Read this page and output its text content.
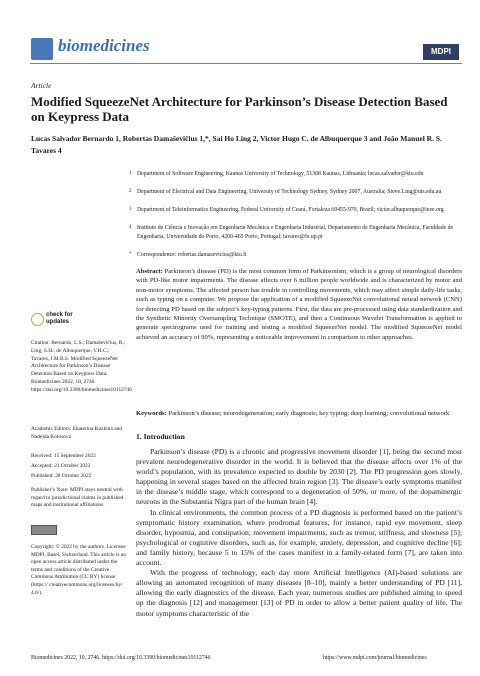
biomedicines	MDPI
Article
Modified SqueezeNet Architecture for Parkinson’s Disease Detection Based on Keypress Data
Lucas Salvador Bernardo 1, Robertas Damaševičius 1,*, Sai Ho Ling 2, Victor Hugo C. de Albuquerque 3 and João Manuel R. S. Tavares 4
1 Department of Software Engineering, Kaunas University of Technology, 51368 Kaunas, Lithuania; lucas.salvador@ktu.edu
2 Department of Electrical and Data Engineering, University of Technology Sydney, Sydney 2007, Australia; Steve.Ling@uts.edu.au
3 Department of Teleinformatics Engineering, Federal University of Ceará, Fortaleza 60455-970, Brazil; victor.albuquerque@ieee.org
4 Instituto de Ciência e Inovação em Engenharia Mecânica e Engenharia Industrial, Departamento de Engenharia Mecânica, Faculdade de Engenharia, Universidade do Porto, 4200-465 Porto, Portugal; tavares@fe.up.pt
* Correspondence: robertas.damasevicius@ktu.lt
Abstract: Parkinson’s disease (PD) is the most common form of Parkinsonism, which is a group of neurological disorders with PD-like motor impairments. The disease affects over 6 million people worldwide and is characterized by motor and non-motor symptoms. The affected person has trouble in controlling movements, which may affect simple daily-life tasks, such as typing on a computer. We propose the application of a modified SqueezeNet convolutional neural network (CNN) for detecting PD based on the subject’s key-typing patterns. First, the data are pre-processed using data standardization and the Synthetic Minority Oversampling Technique (SMOTE), and then a Continuous Wavelet Transformation is applied to generate spectrograms used for training and testing a modified SqueezeNet model. The modified SqueezeNet model achieved an accuracy of 90%, representing a noticeable improvement in comparison to other approaches.
Keywords: Parkinson’s disease; neurodegeneration; early diagnosis; key typing; deep learning; convolutional network
check for updates
Citation: Bernardo, L.S.; Damaševičius, R.; Ling, S.H.; de Albuquerque, V.H.C.; Tavares, J.M.R.S. Modified SqueezeNet Architecture for Parkinson’s Disease Detection Based on Keypress Data. Biomedicines 2022, 10, 2746. https://doi.org/10.3390/biomedicines10112746
Academic Editors: Ekaterina Kuzkina and Nadejda Kolosova
Received: 15 September 2022
Accepted: 21 October 2022
Published: 28 October 2022
Publisher’s Note: MDPI stays neutral with regard to jurisdictional claims in published maps and institutional affiliations.
Copyright: © 2022 by the authors. Licensee MDPI, Basel, Switzerland. This article is an open access article distributed under the terms and conditions of the Creative Commons Attribution (CC BY) license (https:// creativecommons.org/licenses/by/ 4.0/).
1. Introduction

Parkinson’s disease (PD) is a chronic and progressive movement disorder [1], being the second most prevalent neurodegenerative disorder in the world. It is believed that the disease affects over 1% of the world’s population, with its prevalence expected to double by 2030 [2]. The PD progression goes slowly, happening in several stages based on the affected brain region [3]. The disease’s early symptoms manifest in the disease’s middle stage, which correspond to a degeneration of 50%, or more, of the dopaminergic neurons in the Substantia Nigra part of the human brain [4].

In clinical environments, the common process of a PD diagnosis is performed based on the patient’s symptomatic history examination, where prodromal features, for instance, rapid eye movement, sleep disorder, hyposmia, and constipation; movement impairments, such as tremor, stiffness, and slowness [5]; psychological or cognitive disorders, such as, for example, anxiety, depression, and cognitive decline [6]; and family history, because 5 to 15% of the cases manifest in a family-related form [7], are taken into account.

With the progress of technology, each day more Artificial Intelligence (AI)-based solutions are allowing an automated recognition of many diseases [8–10], mainly a better understanding of PD [11], allowing the early diagnostics of the disease. Each year, numerous studies are published aiming to speed up the diagnosis [12] and management [13] of PD in order to allow a better patient quality of life. The motor symptoms characteristic of the

Biomedicines 2022, 10, 2746. https://doi.org/10.3390/biomedicines10112746	https://www.mdpi.com/journal/biomedicines
